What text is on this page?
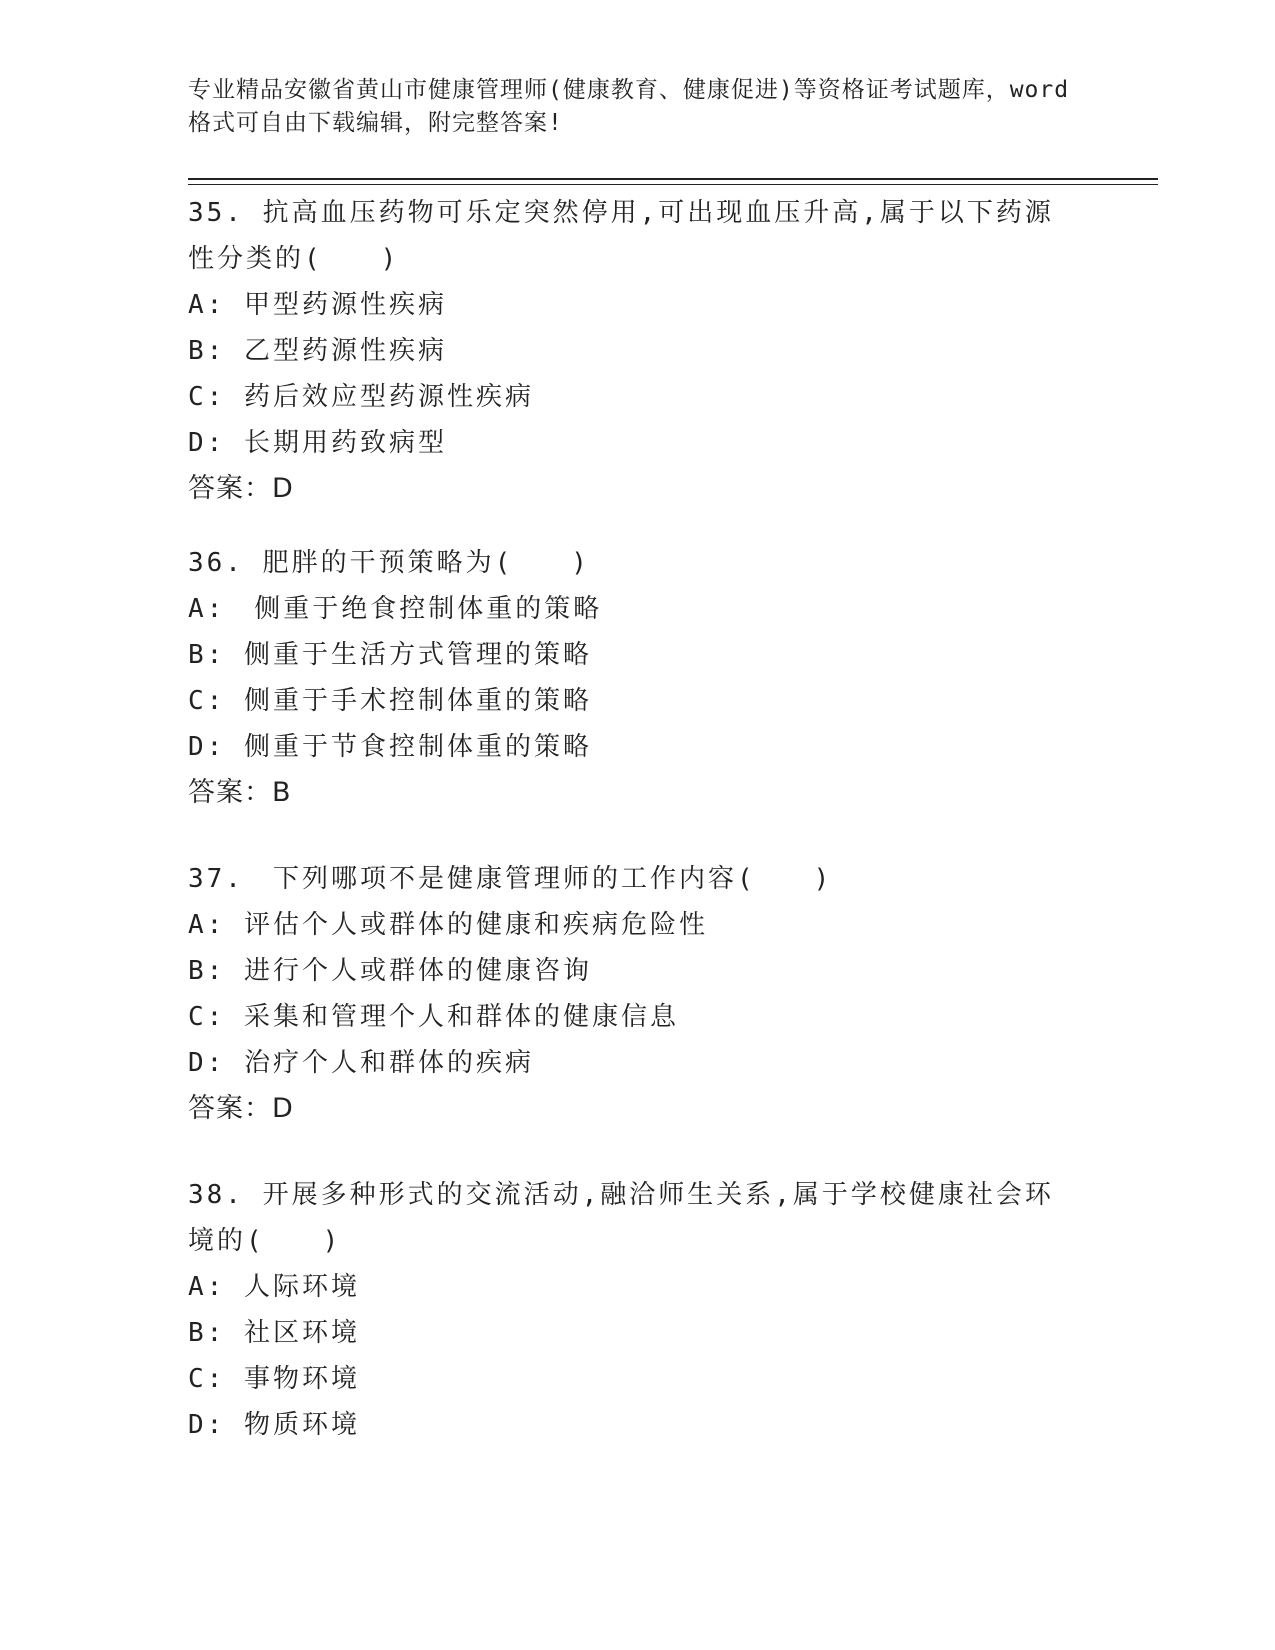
专业精品安徽省黄山市健康管理师(健康教育、健康促进)等资格证考试题库，word格式可自由下载编辑，附完整答案!
35. 抗高血压药物可乐定突然停用,可出现血压升高,属于以下药源性分类的(　　)
A: 甲型药源性疾病
B: 乙型药源性疾病
C: 药后效应型药源性疾病
D: 长期用药致病型
答案：D
36. 肥胖的干预策略为(　　)
A:　侧重于绝食控制体重的策略
B: 侧重于生活方式管理的策略
C: 侧重于手术控制体重的策略
D: 侧重于节食控制体重的策略
答案：B
37.　下列哪项不是健康管理师的工作内容(　　)
A: 评估个人或群体的健康和疾病危险性
B: 进行个人或群体的健康咨询
C: 采集和管理个人和群体的健康信息
D: 治疗个人和群体的疾病
答案：D
38. 开展多种形式的交流活动,融洽师生关系,属于学校健康社会环境的(　　)
A: 人际环境
B: 社区环境
C: 事物环境
D: 物质环境
